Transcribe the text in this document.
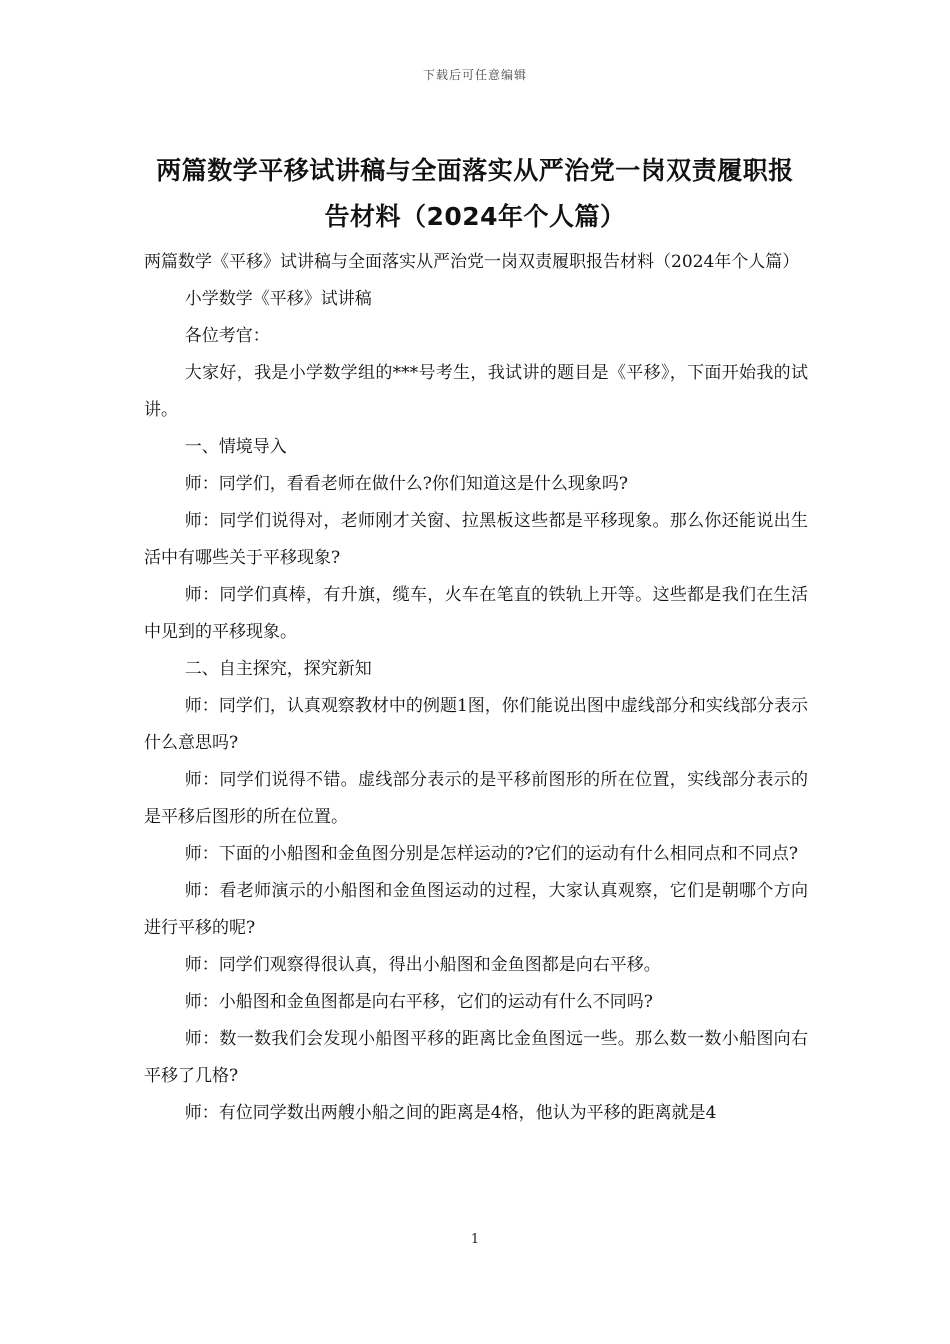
下载后可任意编辑
两篇数学平移试讲稿与全面落实从严治党一岗双责履职报告材料（2024年个人篇）

两篇数学《平移》试讲稿与全面落实从严治党一岗双责履职报告材料（2024年个人篇）

小学数学《平移》试讲稿

各位考官：

大家好，我是小学数学组的***号考生，我试讲的题目是《平移》，下面开始我的试讲。

一、情境导入

师：同学们，看看老师在做什么?你们知道这是什么现象吗?

师：同学们说得对，老师刚才关窗、拉黑板这些都是平移现象。那么你还能说出生活中有哪些关于平移现象?

师：同学们真棒，有升旗，缆车，火车在笔直的铁轨上开等。这些都是我们在生活中见到的平移现象。

二、自主探究，探究新知

师：同学们，认真观察教材中的例题1图，你们能说出图中虚线部分和实线部分表示什么意思吗?

师：同学们说得不错。虚线部分表示的是平移前图形的所在位置，实线部分表示的是平移后图形的所在位置。

师：下面的小船图和金鱼图分别是怎样运动的?它们的运动有什么相同点和不同点?

师：看老师演示的小船图和金鱼图运动的过程，大家认真观察，它们是朝哪个方向进行平移的呢?

师：同学们观察得很认真，得出小船图和金鱼图都是向右平移。

师：小船图和金鱼图都是向右平移，它们的运动有什么不同吗?

师：数一数我们会发现小船图平移的距离比金鱼图远一些。那么数一数小船图向右平移了几格?

师：有位同学数出两艘小船之间的距离是4格，他认为平移的距离就是4

1
